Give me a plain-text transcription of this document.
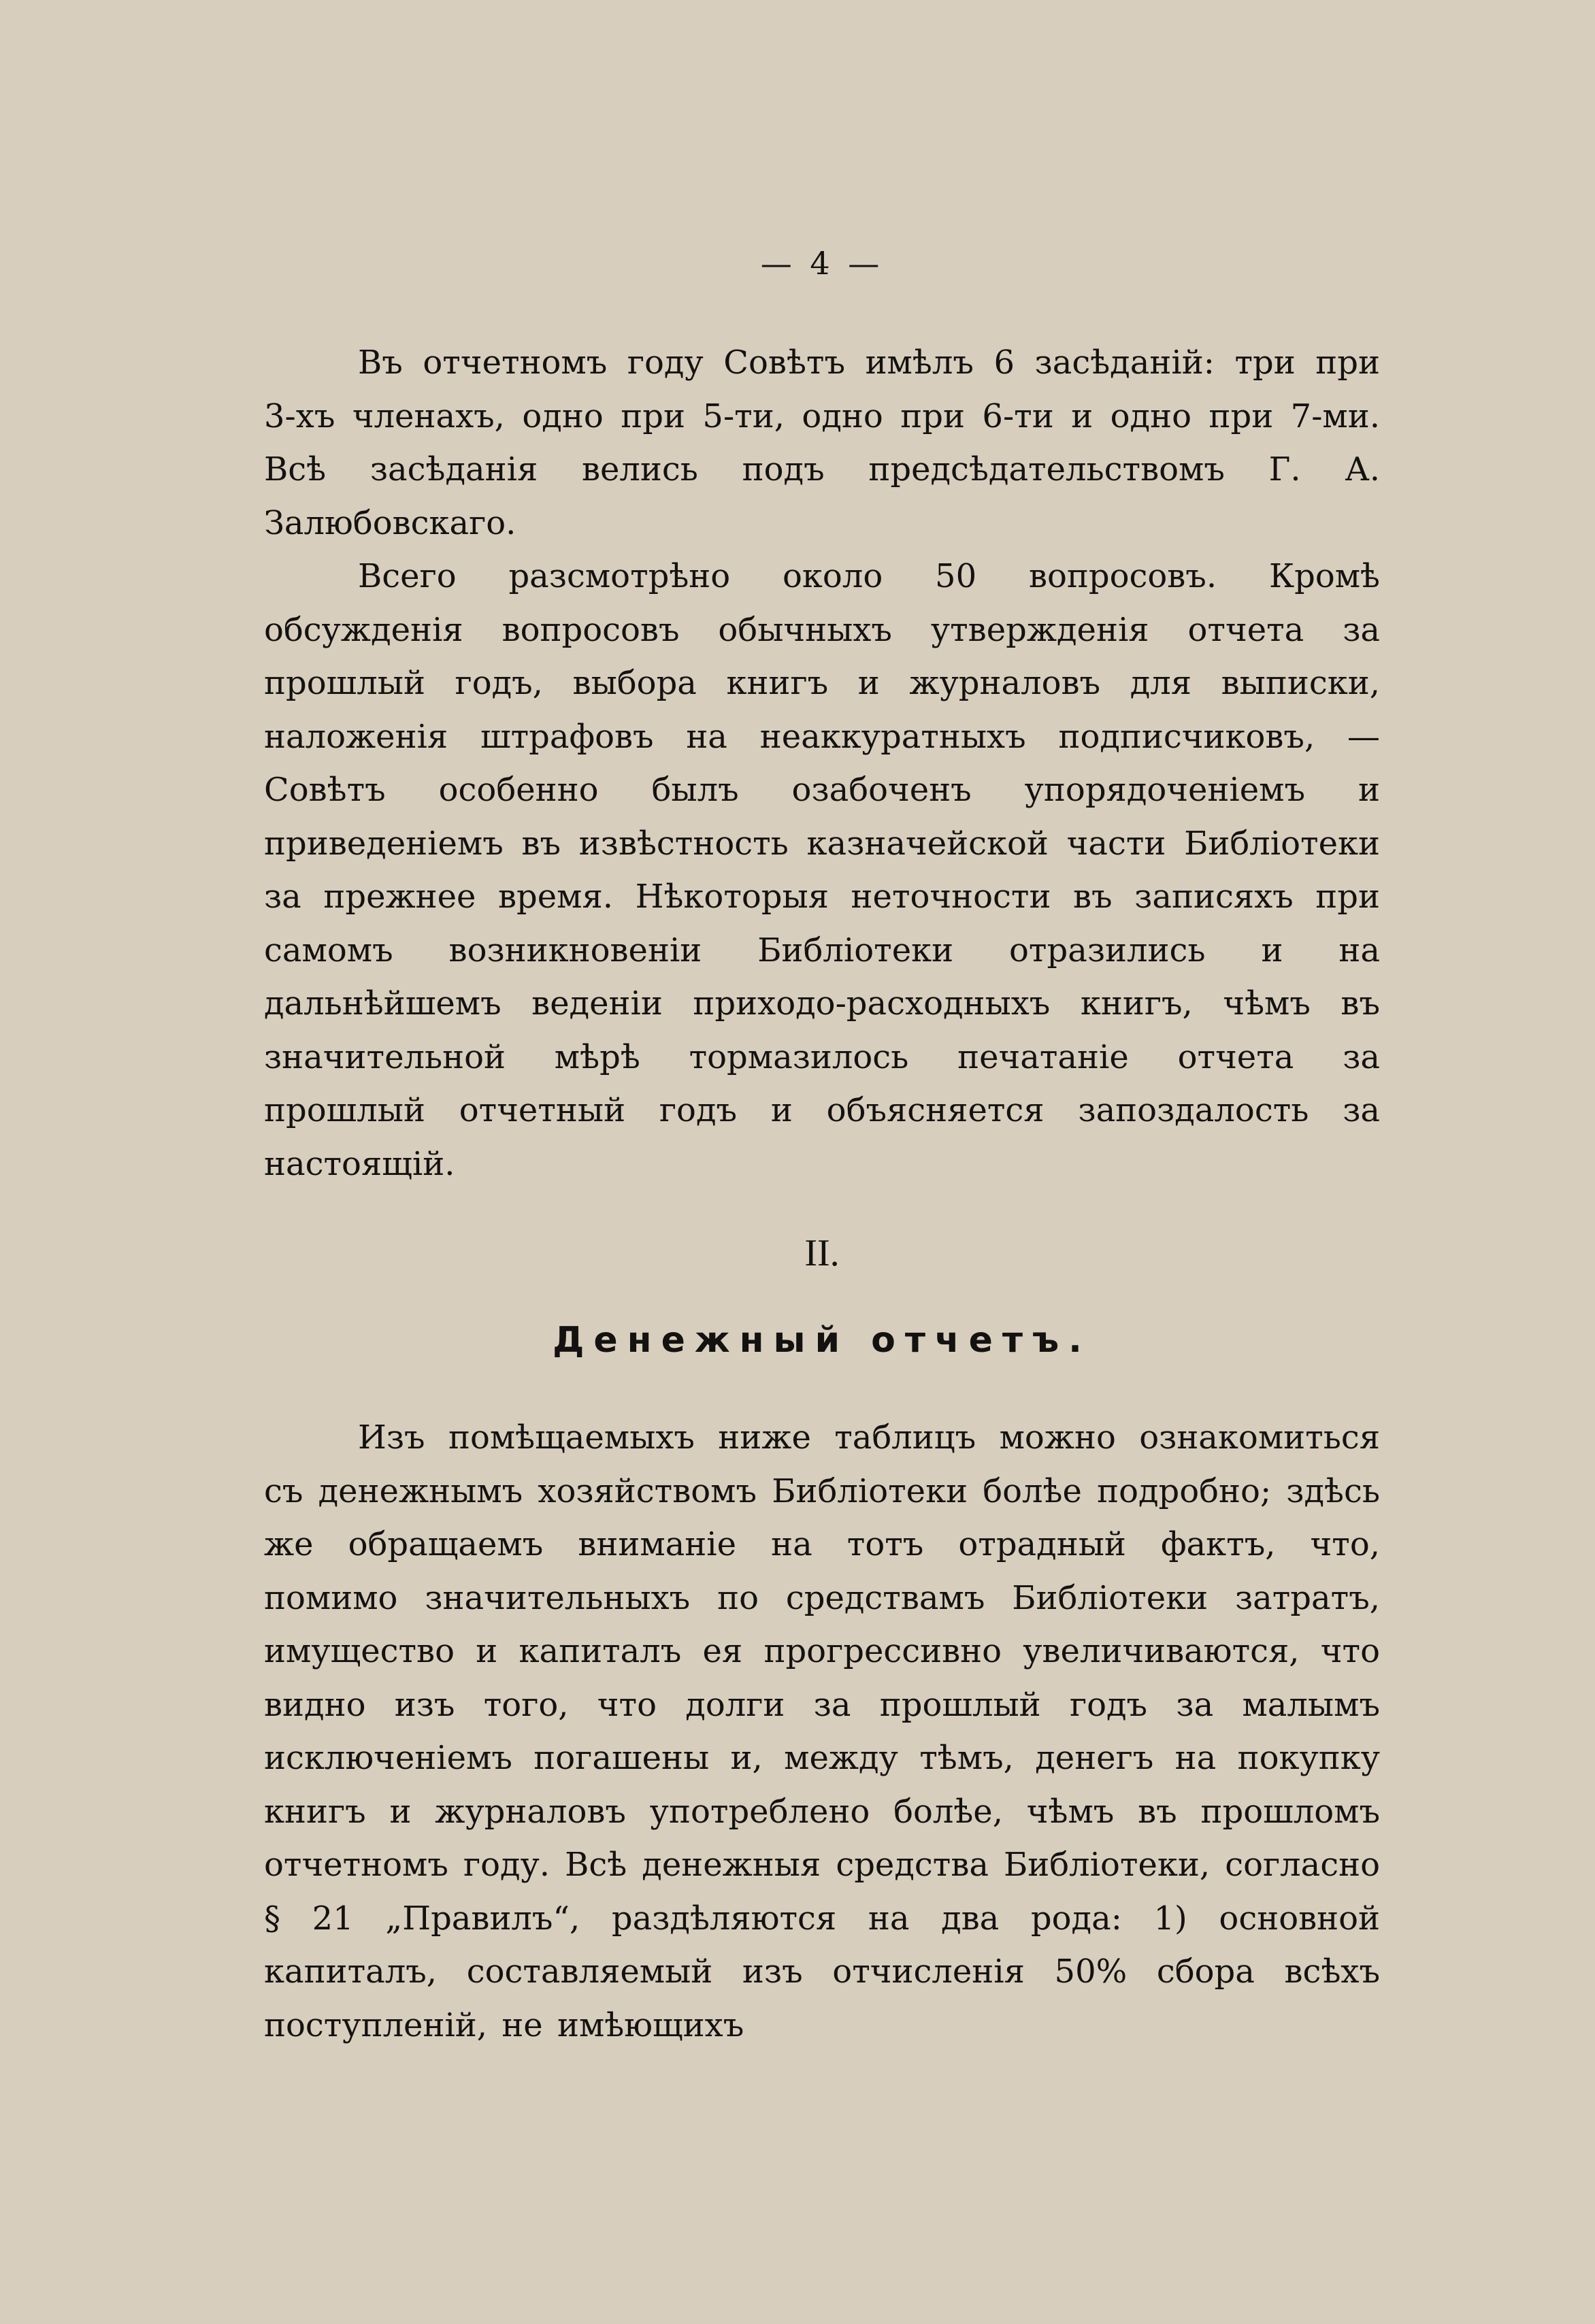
— 4 —

Въ отчетномъ году Совѣтъ имѣлъ 6 засѣданій: три при 3-хъ членахъ, одно при 5-ти, одно при 6-ти и одно при 7-ми. Всѣ засѣданія велись подъ предсѣдательствомъ Г. А. Залюбовскаго.

Всего разсмотрѣно около 50 вопросовъ. Кромѣ обсужденія вопросовъ обычныхъ утвержденія отчета за прошлый годъ, выбора книгъ и журналовъ для выписки, наложенія штрафовъ на неаккуратныхъ подписчиковъ, — Совѣтъ особенно былъ озабоченъ упорядоченіемъ и приведеніемъ въ извѣстность казначейской части Библіотеки за прежнее время. Нѣкоторыя неточности въ записяхъ при самомъ возникновеніи Библіотеки отразились и на дальнѣйшемъ веденіи приходо-расходныхъ книгъ, чѣмъ въ значительной мѣрѣ тормазилось печатаніе отчета за прошлый отчетный годъ и объясняется запоздалость за настоящій.

II.
Денежный отчетъ.

Изъ помѣщаемыхъ ниже таблицъ можно ознакомиться съ денежнымъ хозяйствомъ Библіотеки болѣе подробно; здѣсь же обращаемъ вниманіе на тотъ отрадный фактъ, что, помимо значительныхъ по средствамъ Библіотеки затратъ, имущество и капиталъ ея прогрессивно увеличиваются, что видно изъ того, что долги за прошлый годъ за малымъ исключеніемъ погашены и, между тѣмъ, денегъ на покупку книгъ и журналовъ употреблено болѣе, чѣмъ въ прошломъ отчетномъ году. Всѣ денежныя средства Библіотеки, согласно § 21 „Правилъ“, раздѣляются на два рода: 1) основной капиталъ, составляемый изъ отчисленія 50% сбора всѣхъ поступленій, не имѣющихъ
